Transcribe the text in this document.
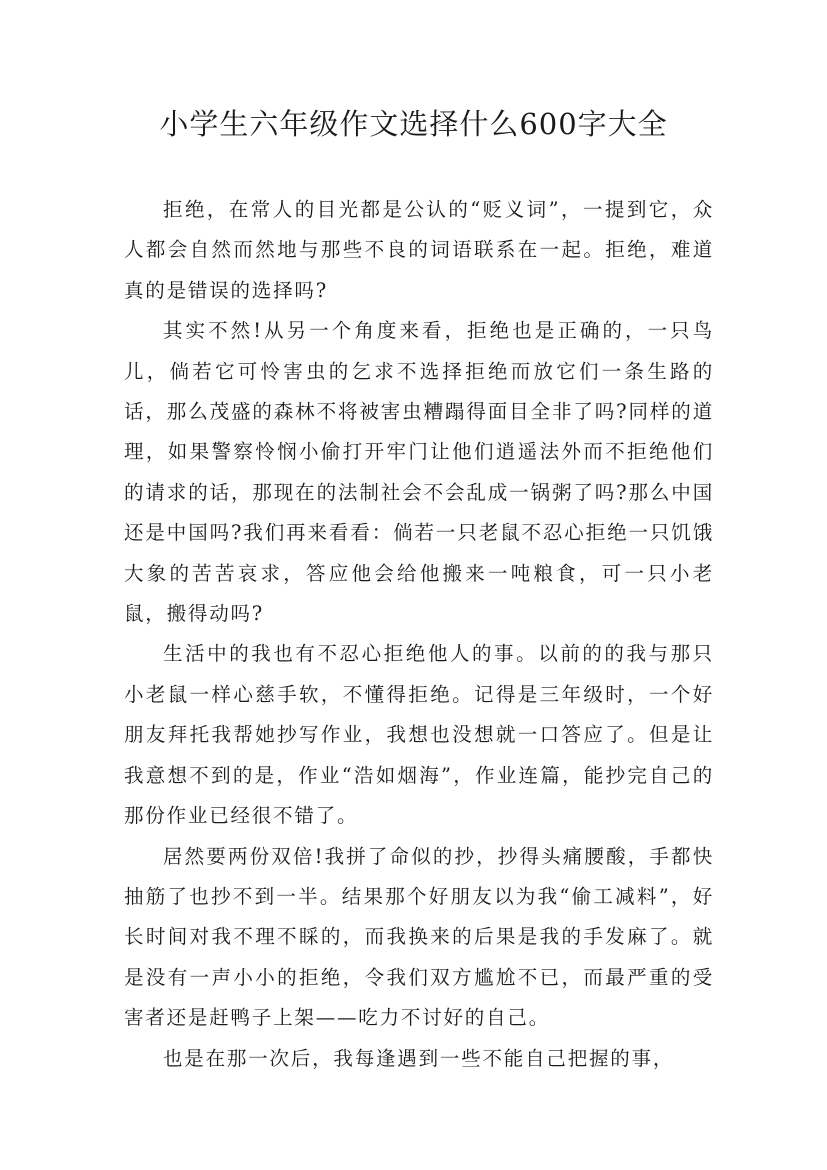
小学生六年级作文选择什么600字大全

拒绝，在常人的目光都是公认的“贬义词”，一提到它，众人都会自然而然地与那些不良的词语联系在一起。拒绝，难道真的是错误的选择吗?

其实不然!从另一个角度来看，拒绝也是正确的，一只鸟儿，倘若它可怜害虫的乞求不选择拒绝而放它们一条生路的话，那么茂盛的森林不将被害虫糟蹋得面目全非了吗?同样的道理，如果警察怜悯小偷打开牢门让他们逍遥法外而不拒绝他们的请求的话，那现在的法制社会不会乱成一锅粥了吗?那么中国还是中国吗?我们再来看看：倘若一只老鼠不忍心拒绝一只饥饿大象的苦苦哀求，答应他会给他搬来一吨粮食，可一只小老鼠，搬得动吗?

生活中的我也有不忍心拒绝他人的事。以前的的我与那只小老鼠一样心慈手软，不懂得拒绝。记得是三年级时，一个好朋友拜托我帮她抄写作业，我想也没想就一口答应了。但是让我意想不到的是，作业“浩如烟海”，作业连篇，能抄完自己的那份作业已经很不错了。

居然要两份双倍!我拼了命似的抄，抄得头痛腰酸，手都快抽筋了也抄不到一半。结果那个好朋友以为我“偷工减料”，好长时间对我不理不睬的，而我换来的后果是我的手发麻了。就是没有一声小小的拒绝，令我们双方尴尬不已，而最严重的受害者还是赶鸭子上架——吃力不讨好的自己。

也是在那一次后，我每逢遇到一些不能自己把握的事，
